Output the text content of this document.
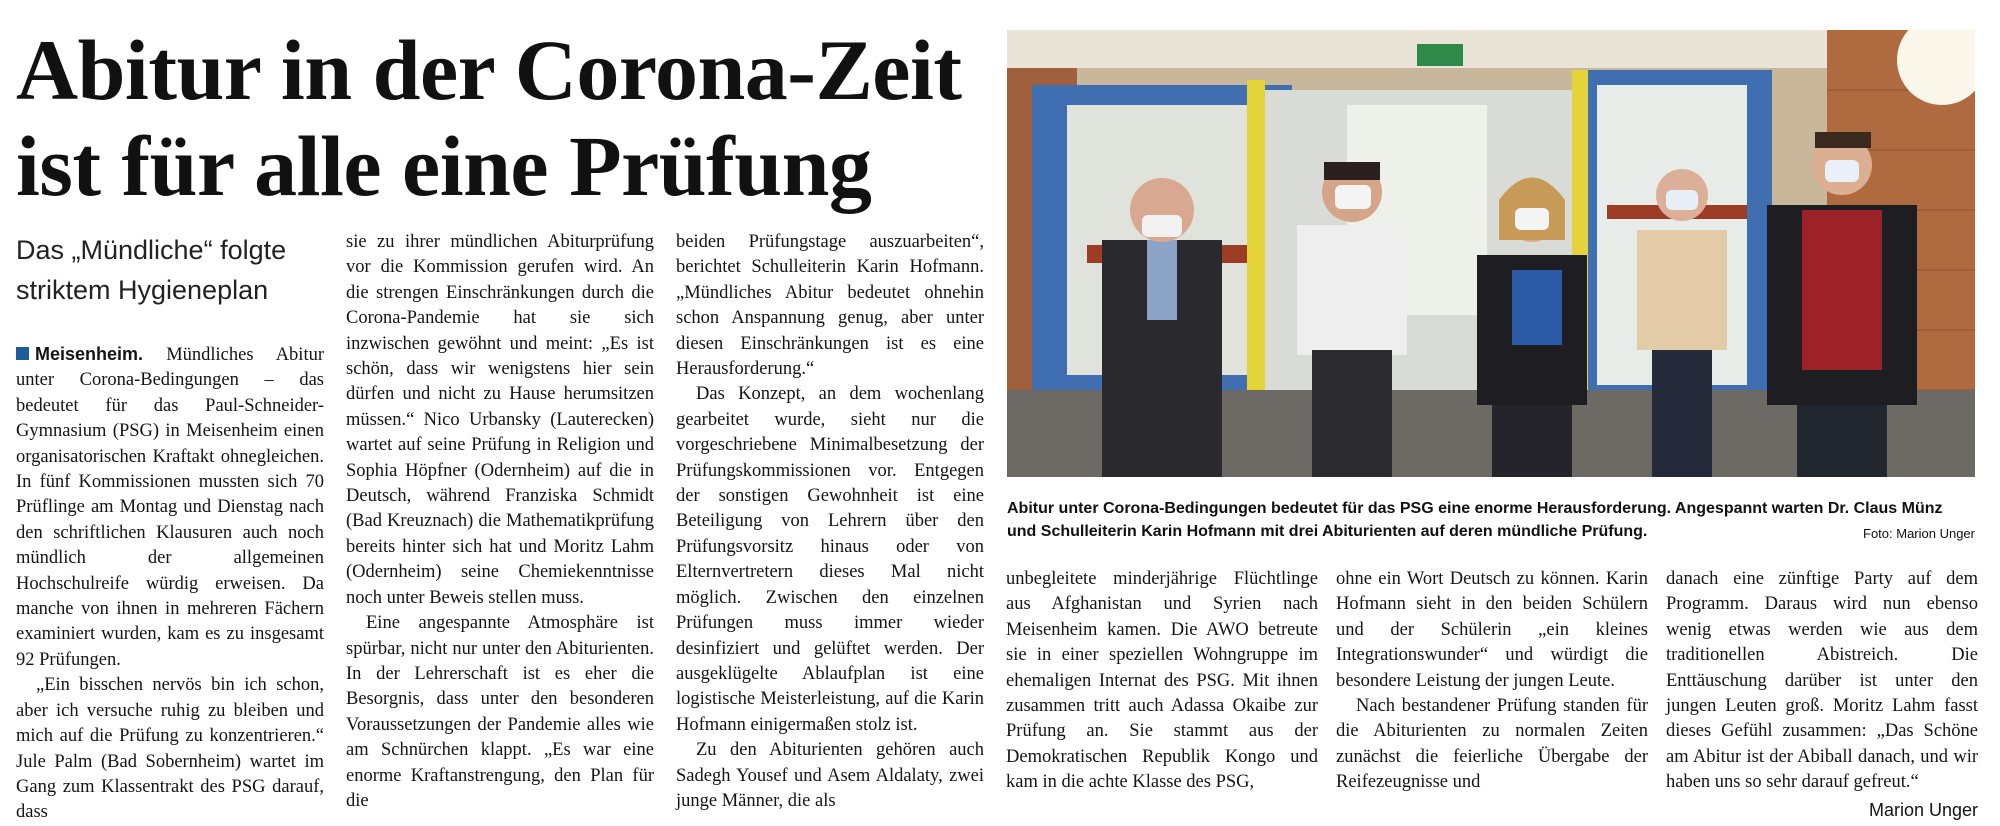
Abitur in der Corona-Zeit
ist für alle eine Prüfung
Das „Mündliche“ folgte
striktem Hygieneplan

Meisenheim. Mündliches Abitur unter Corona-Bedingungen – das bedeutet für das Paul-Schneider-Gymnasium (PSG) in Meisenheim einen organisatorischen Kraftakt ohnegleichen. In fünf Kommissionen mussten sich 70 Prüflinge am Montag und Dienstag nach den schriftlichen Klausuren auch noch mündlich der allgemeinen Hochschulreife würdig erweisen. Da manche von ihnen in mehreren Fächern examiniert wurden, kam es zu insgesamt 92 Prüfungen.

„Ein bisschen nervös bin ich schon, aber ich versuche ruhig zu bleiben und mich auf die Prüfung zu konzentrieren.“ Jule Palm (Bad Sobernheim) wartet im Gang zum Klassentrakt des PSG darauf, dass

sie zu ihrer mündlichen Abiturprüfung vor die Kommission gerufen wird. An die strengen Einschränkungen durch die Corona-Pandemie hat sie sich inzwischen gewöhnt und meint: „Es ist schön, dass wir wenigstens hier sein dürfen und nicht zu Hause herumsitzen müssen.“ Nico Urbansky (Lauterecken) wartet auf seine Prüfung in Religion und Sophia Höpfner (Odernheim) auf die in Deutsch, während Franziska Schmidt (Bad Kreuznach) die Mathematikprüfung bereits hinter sich hat und Moritz Lahm (Odernheim) seine Chemiekenntnisse noch unter Beweis stellen muss.

Eine angespannte Atmosphäre ist spürbar, nicht nur unter den Abiturienten. In der Lehrerschaft ist es eher die Besorgnis, dass unter den besonderen Voraussetzungen der Pandemie alles wie am Schnürchen klappt. „Es war eine enorme Kraftanstrengung, den Plan für die

beiden Prüfungstage auszuarbeiten“, berichtet Schulleiterin Karin Hofmann. „Mündliches Abitur bedeutet ohnehin schon Anspannung genug, aber unter diesen Einschränkungen ist es eine Herausforderung.“

Das Konzept, an dem wochenlang gearbeitet wurde, sieht nur die vorgeschriebene Minimalbesetzung der Prüfungskommissionen vor. Entgegen der sonstigen Gewohnheit ist eine Beteiligung von Lehrern über den Prüfungsvorsitz hinaus oder von Elternvertretern dieses Mal nicht möglich. Zwischen den einzelnen Prüfungen muss immer wieder desinfiziert und gelüftet werden. Der ausgeklügelte Ablaufplan ist eine logistische Meisterleistung, auf die Karin Hofmann einigermaßen stolz ist.

Zu den Abiturienten gehören auch Sadegh Yousef und Asem Aldalaty, zwei junge Männer, die als

Abitur unter Corona-Bedingungen bedeutet für das PSG eine enorme Herausforderung. Angespannt warten Dr. Claus Münz und Schulleiterin Karin Hofmann mit drei Abiturienten auf deren mündliche Prüfung.	Foto: Marion Unger

unbegleitete minderjährige Flüchtlinge aus Afghanistan und Syrien nach Meisenheim kamen. Die AWO betreute sie in einer speziellen Wohngruppe im ehemaligen Internat des PSG. Mit ihnen zusammen tritt auch Adassa Okaibe zur Prüfung an. Sie stammt aus der Demokratischen Republik Kongo und kam in die achte Klasse des PSG,

ohne ein Wort Deutsch zu können. Karin Hofmann sieht in den beiden Schülern und der Schülerin „ein kleines Integrationswunder“ und würdigt die besondere Leistung der jungen Leute.

Nach bestandener Prüfung standen für die Abiturienten zu normalen Zeiten zunächst die feierliche Übergabe der Reifezeugnisse und

danach eine zünftige Party auf dem Programm. Daraus wird nun ebenso wenig etwas werden wie aus dem traditionellen Abistreich. Die Enttäuschung darüber ist unter den jungen Leuten groß. Moritz Lahm fasst dieses Gefühl zusammen: „Das Schöne am Abitur ist der Abiball danach, und wir haben uns so sehr darauf gefreut.“

Marion Unger
